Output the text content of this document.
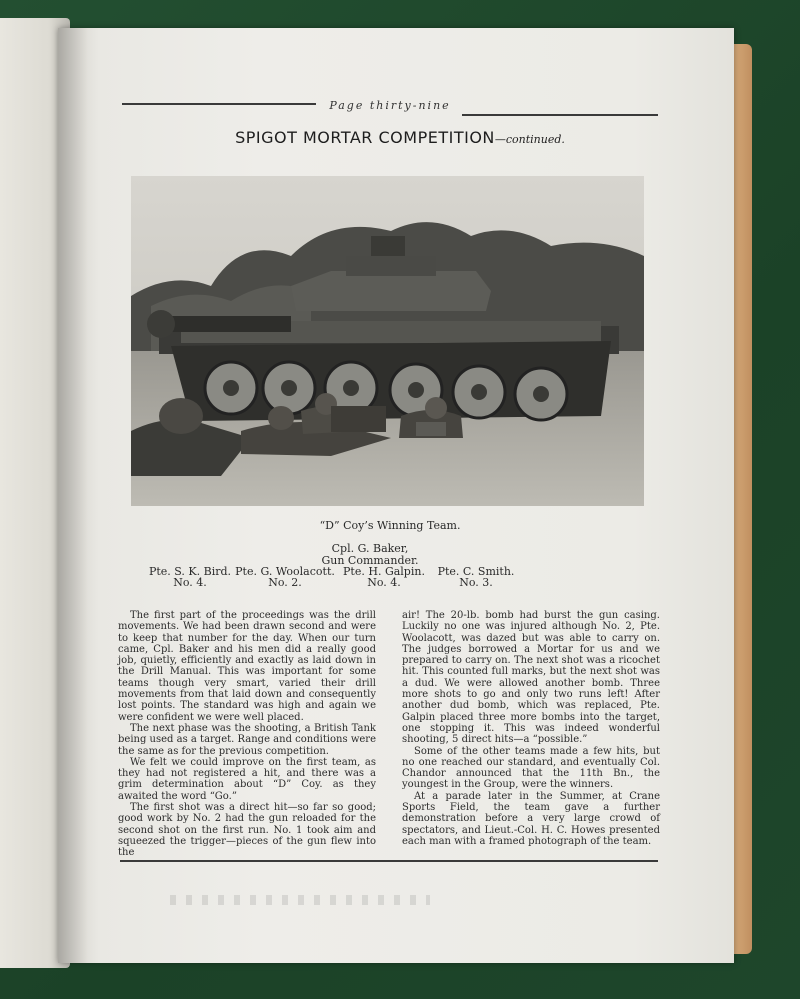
Page thirty-nine
SPIGOT MORTAR COMPETITION—continued.
“D” Coy’s Winning Team.
Cpl. G. Baker,
Gun Commander.
Pte. S. K. Bird.
No. 4.
Pte. G. Woolacott.
No. 2.
Pte. H. Galpin.
No. 4.
Pte. C. Smith.
No. 3.

The first part of the proceedings was the drill movements. We had been drawn second and were to keep that number for the day. When our turn came, Cpl. Baker and his men did a really good job, quietly, efficiently and exactly as laid down in the Drill Manual. This was important for some teams though very smart, varied their drill movements from that laid down and consequently lost points. The standard was high and again we were confident we were well placed.

The next phase was the shooting, a British Tank being used as a target. Range and conditions were the same as for the previous competition.

We felt we could improve on the first team, as they had not registered a hit, and there was a grim determination about “D” Coy. as they awaited the word “Go.”

The first shot was a direct hit—so far so good; good work by No. 2 had the gun reloaded for the second shot on the first run. No. 1 took aim and squeezed the trigger—pieces of the gun flew into the

air! The 20-lb. bomb had burst the gun casing. Luckily no one was injured although No. 2, Pte. Woolacott, was dazed but was able to carry on. The judges borrowed a Mortar for us and we prepared to carry on. The next shot was a ricochet hit. This counted full marks, but the next shot was a dud. We were allowed another bomb. Three more shots to go and only two runs left! After another dud bomb, which was replaced, Pte. Galpin placed three more bombs into the target, one stopping it. This was indeed wonderful shooting, 5 direct hits—a “possible.”

Some of the other teams made a few hits, but no one reached our standard, and eventually Col. Chandor announced that the 11th Bn., the youngest in the Group, were the winners.

At a parade later in the Summer, at Crane Sports Field, the team gave a further demonstration before a very large crowd of spectators, and Lieut.-Col. H. C. Howes presented each man with a framed photograph of the team.
